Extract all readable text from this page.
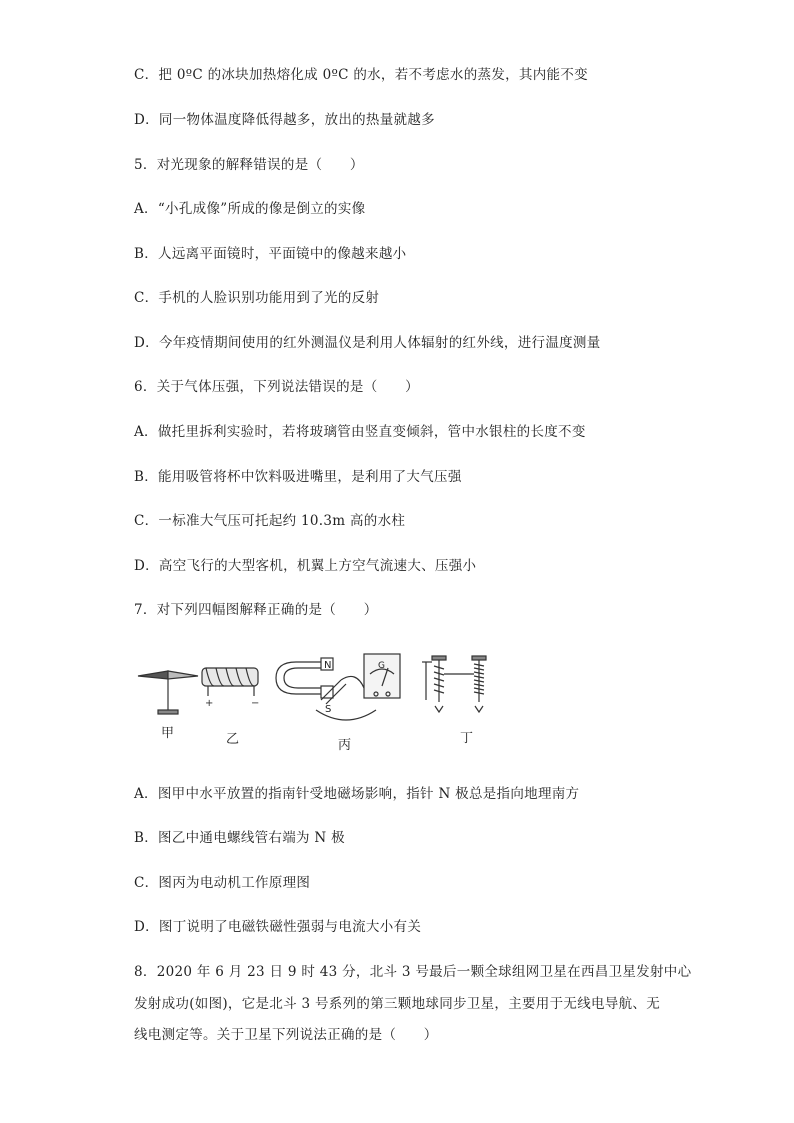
C．把 0ºC 的冰块加热熔化成 0ºC 的水，若不考虑水的蒸发，其内能不变
D．同一物体温度降低得越多，放出的热量就越多
5．对光现象的解释错误的是（　　）
A．“小孔成像”所成的像是倒立的实像
B．人远离平面镜时，平面镜中的像越来越小
C．手机的人脸识别功能用到了光的反射
D．今年疫情期间使用的红外测温仪是利用人体辐射的红外线，进行温度测量
6．关于气体压强，下列说法错误的是（　　）
A．做托里拆利实验时，若将玻璃管由竖直变倾斜，管中水银柱的长度不变
B．能用吸管将杯中饮料吸进嘴里，是利用了大气压强
C．一标准大气压可托起约 10.3m 高的水柱
D．高空飞行的大型客机，机翼上方空气流速大、压强小
7．对下列四幅图解释正确的是（　　）
+	−
N
S
G
甲	乙	丙	丁
A．图甲中水平放置的指南针受地磁场影响，指针 N 极总是指向地理南方
B．图乙中通电螺线管右端为 N 极
C．图丙为电动机工作原理图
D．图丁说明了电磁铁磁性强弱与电流大小有关
8．2020 年 6 月 23 日 9 时 43 分，北斗 3 号最后一颗全球组网卫星在西昌卫星发射中心
发射成功(如图)，它是北斗 3 号系列的第三颗地球同步卫星，主要用于无线电导航、无
线电测定等。关于卫星下列说法正确的是（　　）
